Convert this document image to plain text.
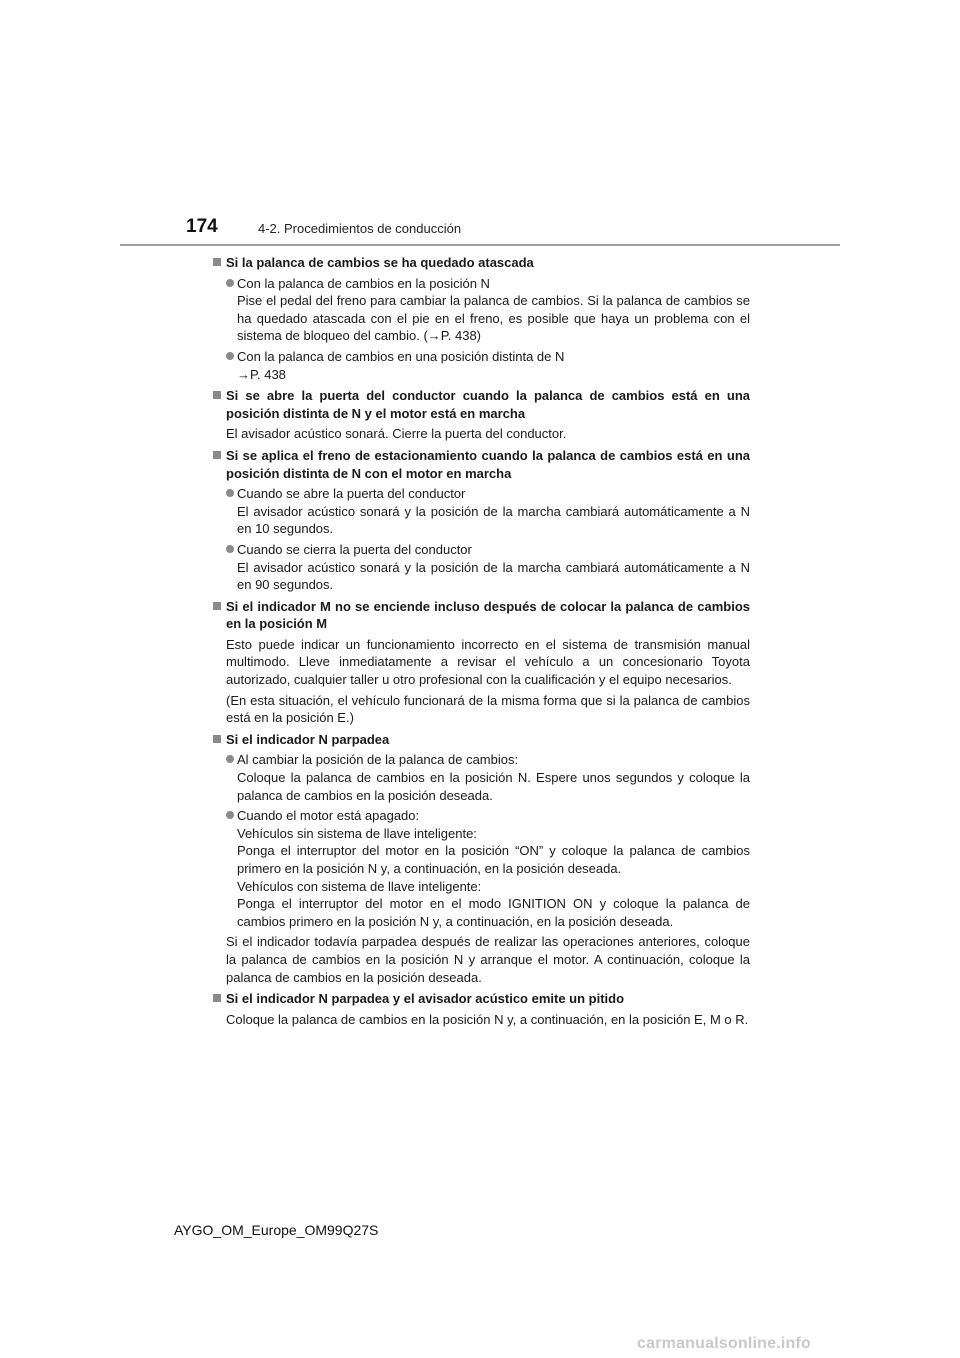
174	4-2. Procedimientos de conducción
Si la palanca de cambios se ha quedado atascada
Con la palanca de cambios en la posición N
Pise el pedal del freno para cambiar la palanca de cambios. Si la palanca de cambios se ha quedado atascada con el pie en el freno, es posible que haya un problema con el sistema de bloqueo del cambio. (→P. 438)
Con la palanca de cambios en una posición distinta de N
→P. 438
Si se abre la puerta del conductor cuando la palanca de cambios está en una posición distinta de N y el motor está en marcha
El avisador acústico sonará. Cierre la puerta del conductor.
Si se aplica el freno de estacionamiento cuando la palanca de cambios está en una posición distinta de N con el motor en marcha
Cuando se abre la puerta del conductor
El avisador acústico sonará y la posición de la marcha cambiará automáticamente a N en 10 segundos.
Cuando se cierra la puerta del conductor
El avisador acústico sonará y la posición de la marcha cambiará automáticamente a N en 90 segundos.
Si el indicador M no se enciende incluso después de colocar la palanca de cambios en la posición M
Esto puede indicar un funcionamiento incorrecto en el sistema de transmisión manual multimodo. Lleve inmediatamente a revisar el vehículo a un concesionario Toyota autorizado, cualquier taller u otro profesional con la cualificación y el equipo necesarios.
(En esta situación, el vehículo funcionará de la misma forma que si la palanca de cambios está en la posición E.)
Si el indicador N parpadea
Al cambiar la posición de la palanca de cambios:
Coloque la palanca de cambios en la posición N. Espere unos segundos y coloque la palanca de cambios en la posición deseada.
Cuando el motor está apagado:
Vehículos sin sistema de llave inteligente:
Ponga el interruptor del motor en la posición “ON” y coloque la palanca de cambios primero en la posición N y, a continuación, en la posición deseada.
Vehículos con sistema de llave inteligente:
Ponga el interruptor del motor en el modo IGNITION ON y coloque la palanca de cambios primero en la posición N y, a continuación, en la posición deseada.
Si el indicador todavía parpadea después de realizar las operaciones anteriores, coloque la palanca de cambios en la posición N y arranque el motor. A continuación, coloque la palanca de cambios en la posición deseada.
Si el indicador N parpadea y el avisador acústico emite un pitido
Coloque la palanca de cambios en la posición N y, a continuación, en la posición E, M o R.
AYGO_OM_Europe_OM99Q27S
carmanualsonline.info
